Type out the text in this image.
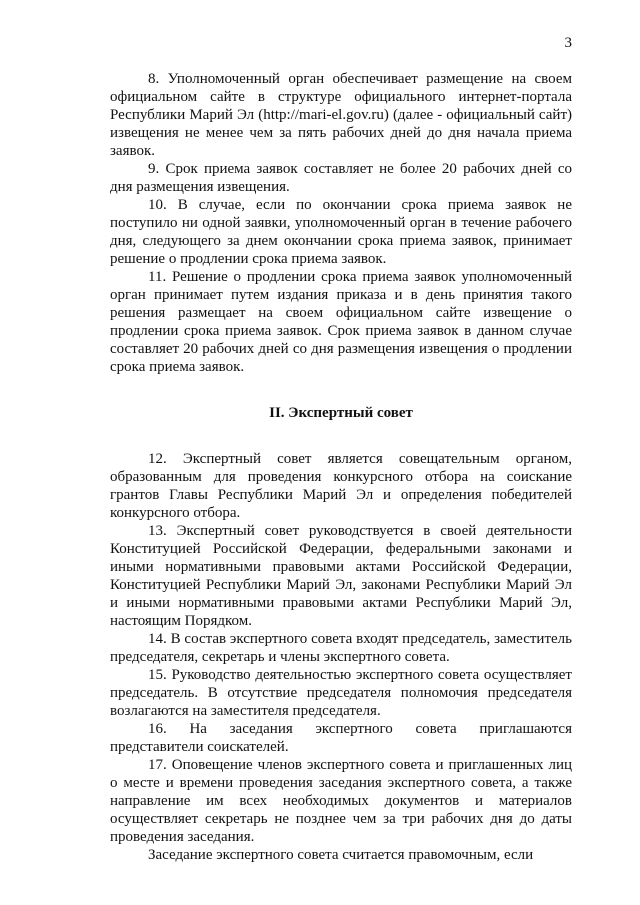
3

8. Уполномоченный орган обеспечивает размещение на своем официальном сайте в структуре официального интернет-портала Республики Марий Эл (http://mari-el.gov.ru) (далее - официальный сайт) извещения не менее чем за пять рабочих дней до дня начала приема заявок.

9. Срок приема заявок составляет не более 20 рабочих дней со дня размещения извещения.

10. В случае, если по окончании срока приема заявок не поступило ни одной заявки, уполномоченный орган в течение рабочего дня, следующего за днем окончании срока приема заявок, принимает решение о продлении срока приема заявок.

11. Решение о продлении срока приема заявок уполномоченный орган принимает путем издания приказа и в день принятия такого решения размещает на своем официальном сайте извещение о продлении срока приема заявок. Срок приема заявок в данном случае составляет 20 рабочих дней со дня размещения извещения о продлении срока приема заявок.

II. Экспертный совет

12. Экспертный совет является совещательным органом, образованным для проведения конкурсного отбора на соискание грантов Главы Республики Марий Эл и определения победителей конкурсного отбора.

13. Экспертный совет руководствуется в своей деятельности Конституцией Российской Федерации, федеральными законами и иными нормативными правовыми актами Российской Федерации, Конституцией Республики Марий Эл, законами Республики Марий Эл и иными нормативными правовыми актами Республики Марий Эл, настоящим Порядком.

14. В состав экспертного совета входят председатель, заместитель председателя, секретарь и члены экспертного совета.

15. Руководство деятельностью экспертного совета осуществляет председатель. В отсутствие председателя полномочия председателя возлагаются на заместителя председателя.

16. На заседания экспертного совета приглашаются представители соискателей.

17. Оповещение членов экспертного совета и приглашенных лиц о месте и времени проведения заседания экспертного совета, а также направление им всех необходимых документов и материалов осуществляет секретарь не позднее чем за три рабочих дня до даты проведения заседания.

Заседание экспертного совета считается правомочным, если
